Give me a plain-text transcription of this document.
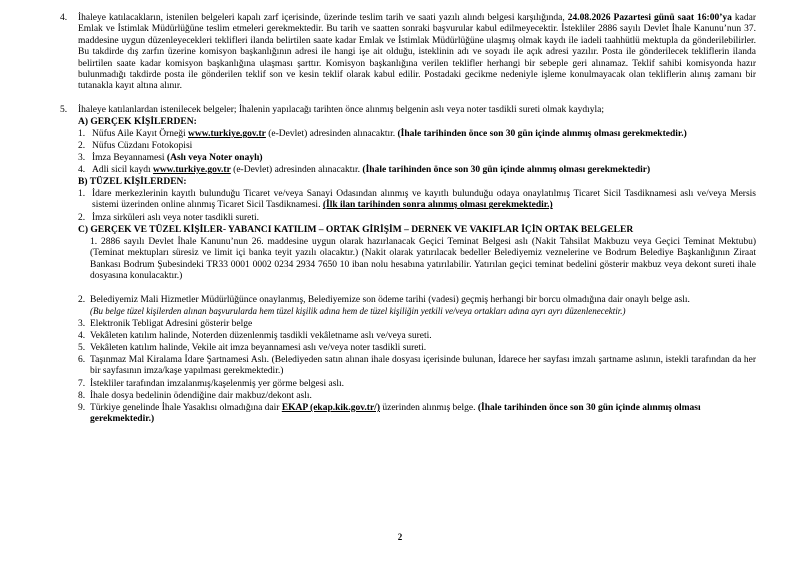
4.	İhaleye katılacakların, istenilen belgeleri kapalı zarf içerisinde, üzerinde teslim tarih ve saati yazılı alındı belgesi karşılığında, 24.08.2026 Pazartesi günü saat 16:00’ya kadar Emlak ve İstimlak Müdürlüğüne teslim etmeleri gerekmektedir. Bu tarih ve saatten sonraki başvurular kabul edilmeyecektir. İstekliler 2886 sayılı Devlet İhale Kanunu’nun 37. maddesine uygun düzenleyecekleri teklifleri ilanda belirtilen saate kadar Emlak ve İstimlak Müdürlüğüne ulaşmış olmak kaydı ile iadeli taahhütlü mektupla da gönderilebilirler. Bu takdirde dış zarfın üzerine komisyon başkanlığının adresi ile hangi işe ait olduğu, isteklinin adı ve soyadı ile açık adresi yazılır. Posta ile gönderilecek tekliflerin ilanda belirtilen saate kadar komisyon başkanlığına ulaşması şarttır. Komisyon başkanlığına verilen teklifler herhangi bir sebeple geri alınamaz. Teklif sahibi komisyonda hazır bulunmadığı takdirde posta ile gönderilen teklif son ve kesin teklif olarak kabul edilir. Postadaki gecikme nedeniyle işleme konulmayacak olan tekliflerin alınış zamanı bir tutanakla kayıt altına alınır.

5.	İhaleye katılanlardan istenilecek belgeler; İhalenin yapılacağı tarihten önce alınmış belgenin aslı veya noter tasdikli sureti olmak kaydıyla;

A) GERÇEK KİŞİLERDEN:
1. Nüfus Aile Kayıt Örneği www.turkiye.gov.tr (e-Devlet) adresinden alınacaktır. (İhale tarihinden önce son 30 gün içinde alınmış olması gerekmektedir.)

2. Nüfus Cüzdanı Fotokopisi

3. İmza Beyannamesi (Aslı veya Noter onaylı)

4. Adli sicil kaydı www.turkiye.gov.tr (e-Devlet) adresinden alınacaktır. (İhale tarihinden önce son 30 gün içinde alınmış olması gerekmektedir)

B) TÜZEL KİŞİLERDEN:
1. İdare merkezlerinin kayıtlı bulunduğu Ticaret ve/veya Sanayi Odasından alınmış ve kayıtlı bulunduğu odaya onaylatılmış Ticaret Sicil Tasdiknamesi aslı ve/veya Mersis sistemi üzerinden online alınmış Ticaret Sicil Tasdiknamesi. (İlk ilan tarihinden sonra alınmış olması gerekmektedir.)

2. İmza sirküleri aslı veya noter tasdikli sureti.

C) GERÇEK VE TÜZEL KİŞİLER- YABANCI KATILIM – ORTAK GİRİŞİM – DERNEK VE VAKIFLAR İÇİN ORTAK BELGELER

1. 2886 sayılı Devlet İhale Kanunu’nun 26. maddesine uygun olarak hazırlanacak Geçici Teminat Belgesi aslı (Nakit Tahsilat Makbuzu veya Geçici Teminat Mektubu) (Teminat mektupları süresiz ve limit içi banka teyit yazılı olacaktır.) (Nakit olarak yatırılacak bedeller Belediyemiz veznelerine ve Bodrum Belediye Başkanlığının Ziraat Bankası Bodrum Şubesindeki TR33 0001 0002 0234 2934 7650 10 iban nolu hesabına yatırılabilir. Yatırılan geçici teminat bedelini gösterir makbuz veya dekont sureti ihale dosyasına konulacaktır.)

2. Belediyemiz Mali Hizmetler Müdürlüğünce onaylanmış, Belediyemize son ödeme tarihi (vadesi) geçmiş herhangi bir borcu olmadığına dair onaylı belge aslı.

(Bu belge tüzel kişilerden alınan başvurularda hem tüzel kişilik adına hem de tüzel kişiliğin yetkili ve/veya ortakları adına ayrı ayrı düzenlenecektir.)

3. Elektronik Tebligat Adresini gösterir belge

4. Vekâleten katılım halinde, Noterden düzenlenmiş tasdikli vekâletname aslı ve/veya sureti.

5. Vekâleten katılım halinde, Vekile ait imza beyannamesi aslı ve/veya noter tasdikli sureti.

6. Taşınmaz Mal Kiralama İdare Şartnamesi Aslı. (Belediyeden satın alınan ihale dosyası içerisinde bulunan, İdarece her sayfası imzalı şartname aslının, istekli tarafından da her bir sayfasının imza/kaşe yapılması gerekmektedir.)

7. İstekliler tarafından imzalanmış/kaşelenmiş yer görme belgesi aslı.

8. İhale dosya bedelinin ödendiğine dair makbuz/dekont aslı.

9. Türkiye genelinde İhale Yasaklısı olmadığına dair EKAP (ekap.kik.gov.tr/) üzerinden alınmış belge. (İhale tarihinden önce son 30 gün içinde alınmış olması gerekmektedir.)

2
